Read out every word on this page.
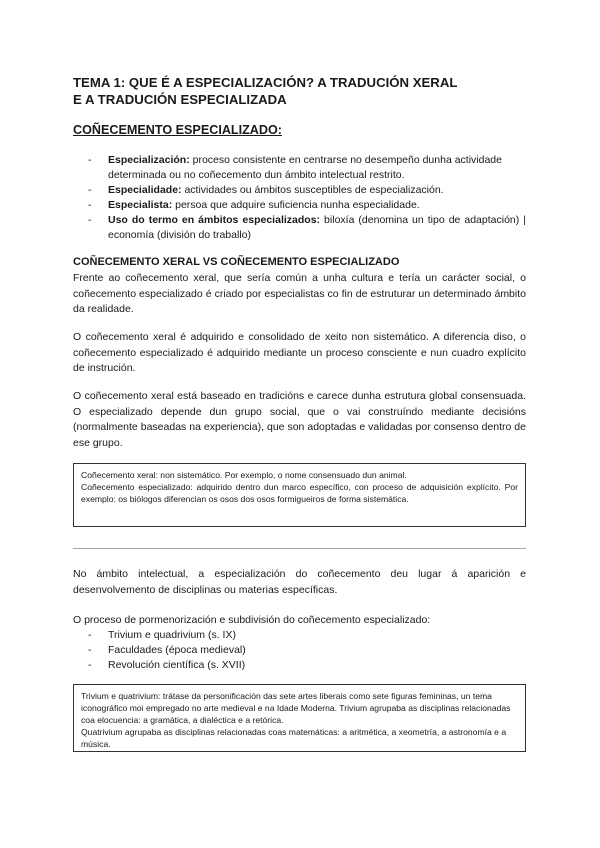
TEMA 1: QUE É A ESPECIALIZACIÓN? A TRADUCIÓN XERAL
E A TRADUCIÓN ESPECIALIZADA
COÑECEMENTO ESPECIALIZADO:
- Especialización: proceso consistente en centrarse no desempeño dunha actividade determinada ou no coñecemento dun ámbito intelectual restrito.
- Especialidade: actividades ou ámbitos susceptibles de especialización.
- Especialista: persoa que adquire suficiencia nunha especialidade.
- Uso do termo en ámbitos especializados: biloxía (denomina un tipo de adaptación) | economía (división do traballo)
COÑECEMENTO XERAL VS COÑECEMENTO ESPECIALIZADO

Frente ao coñecemento xeral, que sería común a unha cultura e tería un carácter social, o coñecemento especializado é criado por especialistas co fin de estruturar un determinado ámbito da realidade.

O coñecemento xeral é adquirido e consolidado de xeito non sistemático. A diferencia diso, o coñecemento especializado é adquirido mediante un proceso consciente e nun cuadro explícito de instrución.

O coñecemento xeral está baseado en tradicións e carece dunha estrutura global consensuada. O especializado depende dun grupo social, que o vai construíndo mediante decisións (normalmente baseadas na experiencia), que son adoptadas e validadas por consenso dentro de ese grupo.

Coñecemento xeral: non sistemático. Por exemplo, o nome consensuado dun animal.
Coñecemento especializado: adquirido dentro dun marco específico, con proceso de adquisición explícito. Por exemplo: os biólogos diferencian os osos dos osos formigueiros de forma sistemática.

No ámbito intelectual, a especialización do coñecemento deu lugar á aparición e desenvolvemento de disciplinas ou materias específicas.

O proceso de pormenorización e subdivisión do coñecemento especializado:

- Trivium e quadrivium (s. IX)
- Faculdades (época medieval)
- Revolución científica (s. XVII)
Trivium e quatrivium: trátase da personificación das sete artes liberais como sete figuras femininas, un tema iconográfico moi empregado no arte medieval e na Idade Moderna. Trivium agrupaba as disciplinas relacionadas coa elocuencia: a gramática, a dialéctica e a retórica.
Quatrivium agrupaba as disciplinas relacionadas coas matemáticas: a aritmética, a xeometría, a astronomía e a música.
